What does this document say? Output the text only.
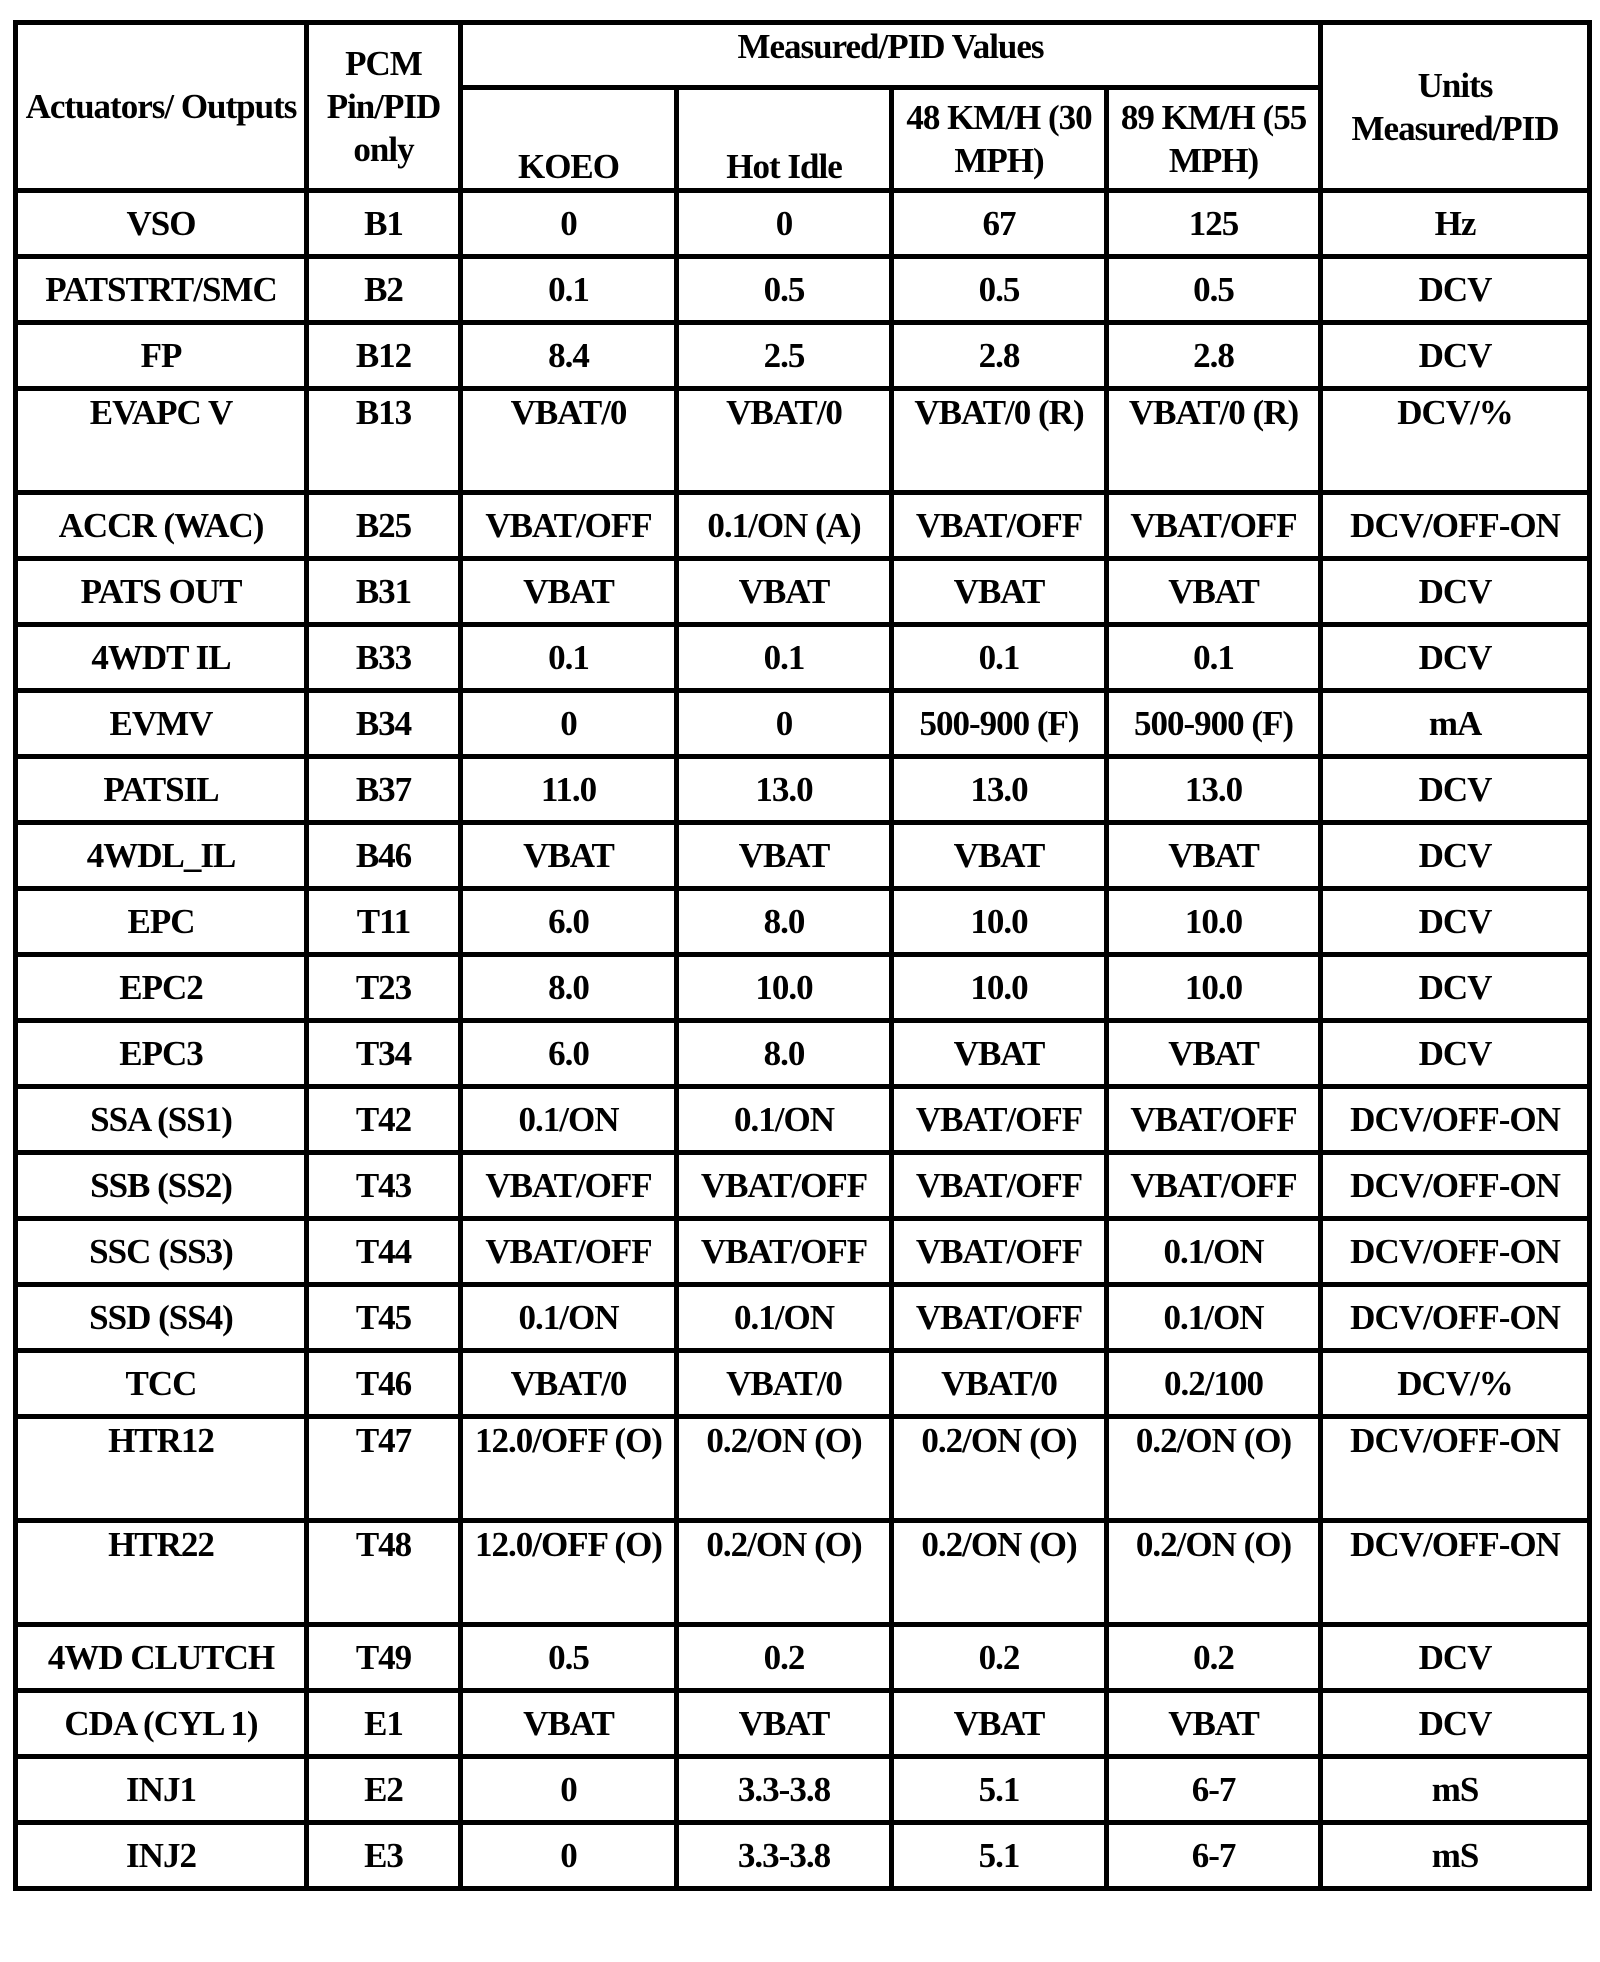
Actuators/ Outputs	PCM Pin/PID only	Measured/PID Values				Units Measured/PID
		KOEO	Hot Idle	48 KM/H (30 MPH)	89 KM/H (55 MPH)	
VSO	B1	0	0	67	125	Hz
PATSTRT/SMC	B2	0.1	0.5	0.5	0.5	DCV
FP	B12	8.4	2.5	2.8	2.8	DCV
EVAPC V	B13	VBAT/0	VBAT/0	VBAT/0 (R)	VBAT/0 (R)	DCV/%
ACCR (WAC)	B25	VBAT/OFF	0.1/ON (A)	VBAT/OFF	VBAT/OFF	DCV/OFF-ON
PATS OUT	B31	VBAT	VBAT	VBAT	VBAT	DCV
4WDT IL	B33	0.1	0.1	0.1	0.1	DCV
EVMV	B34	0	0	500-900 (F)	500-900 (F)	mA
PATSIL	B37	11.0	13.0	13.0	13.0	DCV
4WDL_IL	B46	VBAT	VBAT	VBAT	VBAT	DCV
EPC	T11	6.0	8.0	10.0	10.0	DCV
EPC2	T23	8.0	10.0	10.0	10.0	DCV
EPC3	T34	6.0	8.0	VBAT	VBAT	DCV
SSA (SS1)	T42	0.1/ON	0.1/ON	VBAT/OFF	VBAT/OFF	DCV/OFF-ON
SSB (SS2)	T43	VBAT/OFF	VBAT/OFF	VBAT/OFF	VBAT/OFF	DCV/OFF-ON
SSC (SS3)	T44	VBAT/OFF	VBAT/OFF	VBAT/OFF	0.1/ON	DCV/OFF-ON
SSD (SS4)	T45	0.1/ON	0.1/ON	VBAT/OFF	0.1/ON	DCV/OFF-ON
TCC	T46	VBAT/0	VBAT/0	VBAT/0	0.2/100	DCV/%
HTR12	T47	12.0/OFF (O)	0.2/ON (O)	0.2/ON (O)	0.2/ON (O)	DCV/OFF-ON
HTR22	T48	12.0/OFF (O)	0.2/ON (O)	0.2/ON (O)	0.2/ON (O)	DCV/OFF-ON
4WD CLUTCH	T49	0.5	0.2	0.2	0.2	DCV
CDA (CYL 1)	E1	VBAT	VBAT	VBAT	VBAT	DCV
INJ1	E2	0	3.3-3.8	5.1	6-7	mS
INJ2	E3	0	3.3-3.8	5.1	6-7	mS
